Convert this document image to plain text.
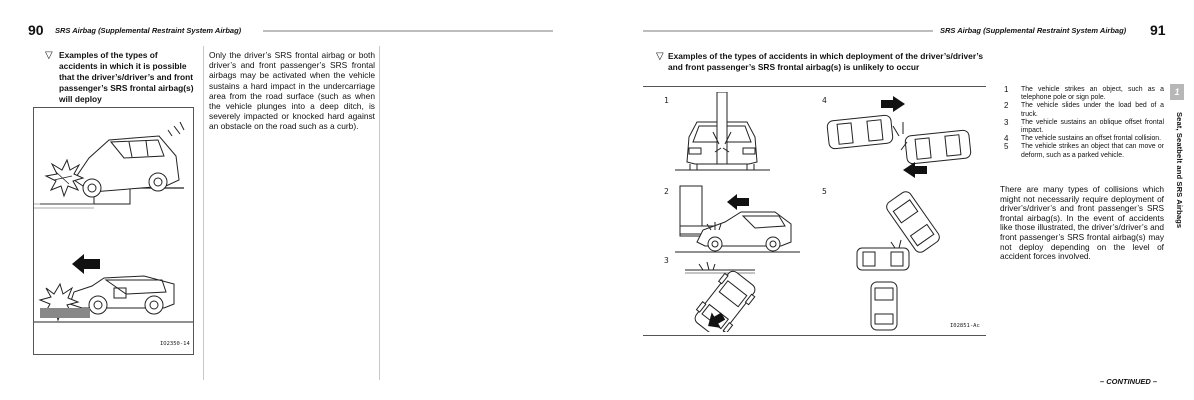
90 SRS Airbag (Supplemental Restraint System Airbag)
▽ Examples of the types of accidents in which it is possible that the driver’s/driver’s and front passenger’s SRS frontal airbag(s) will deploy
Only the driver’s SRS frontal airbag or both driver’s and front passenger’s SRS frontal airbags may be activated when the vehicle sustains a hard impact in the undercarriage area from the road surface (such as when the vehicle plunges into a deep ditch, is severely impacted or knocked hard against an obstacle on the road such as a curb).
IO2350-14
SRS Airbag (Supplemental Restraint System Airbag) 91
▽ Examples of the types of accidents in which deployment of the driver’s/driver’s and front passenger’s SRS frontal airbag(s) is unlikely to occur
1
2
3
4
5
I02851-Ac
1	The vehicle strikes an object, such as a telephone pole or sign pole.
2	The vehicle slides under the load bed of a truck.
3	The vehicle sustains an oblique offset frontal impact.
4	The vehicle sustains an offset frontal collision.
5	The vehicle strikes an object that can move or deform, such as a parked vehicle.
There are many types of collisions which might not necessarily require deployment of driver’s/driver’s and front passenger’s SRS frontal airbag(s). In the event of accidents like those illustrated, the driver’s/driver’s and front passenger’s SRS frontal airbag(s) may not deploy depending on the level of accident forces involved.
1
Seat, Seatbelt and SRS Airbags
– CONTINUED –
